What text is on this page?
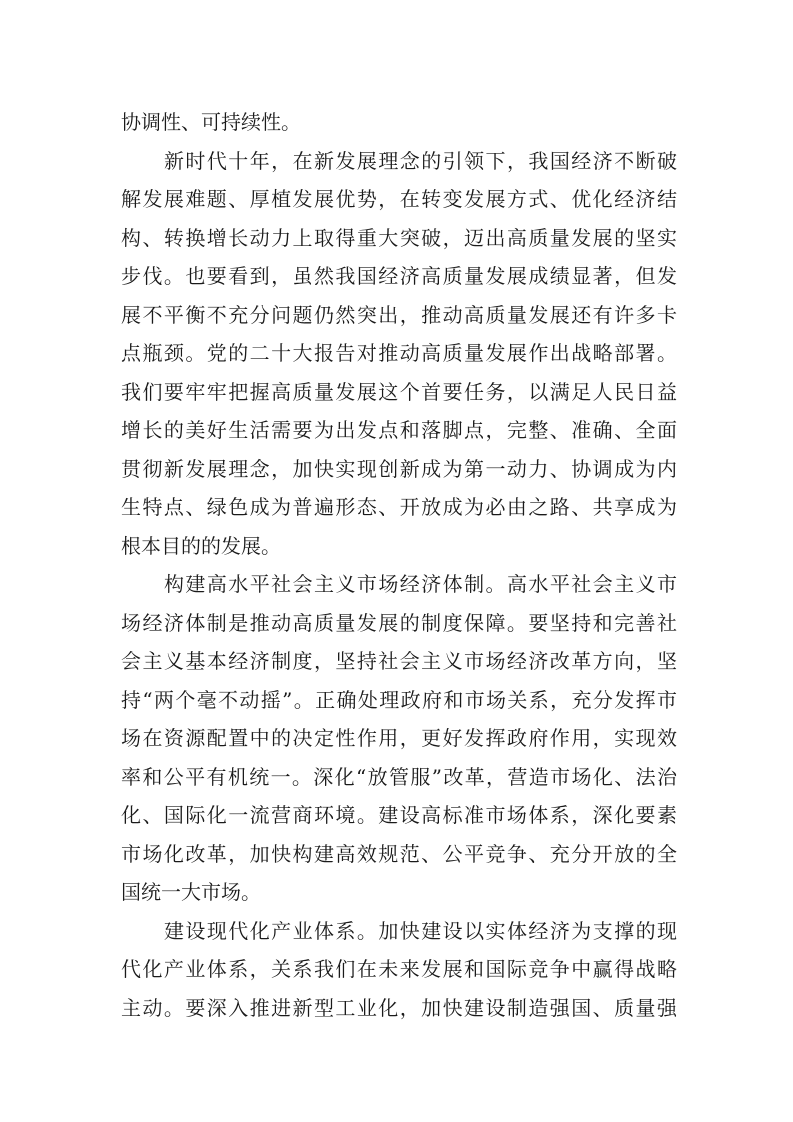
协调性、可持续性。
新时代十年，在新发展理念的引领下，我国经济不断破
解发展难题、厚植发展优势，在转变发展方式、优化经济结
构、转换增长动力上取得重大突破，迈出高质量发展的坚实
步伐。也要看到，虽然我国经济高质量发展成绩显著，但发
展不平衡不充分问题仍然突出，推动高质量发展还有许多卡
点瓶颈。党的二十大报告对推动高质量发展作出战略部署。
我们要牢牢把握高质量发展这个首要任务，以满足人民日益
增长的美好生活需要为出发点和落脚点，完整、准确、全面
贯彻新发展理念，加快实现创新成为第一动力、协调成为内
生特点、绿色成为普遍形态、开放成为必由之路、共享成为
根本目的的发展。
构建高水平社会主义市场经济体制。高水平社会主义市
场经济体制是推动高质量发展的制度保障。要坚持和完善社
会主义基本经济制度，坚持社会主义市场经济改革方向，坚
持“两个毫不动摇”。正确处理政府和市场关系，充分发挥市
场在资源配置中的决定性作用，更好发挥政府作用，实现效
率和公平有机统一。深化“放管服”改革，营造市场化、法治
化、国际化一流营商环境。建设高标准市场体系，深化要素
市场化改革，加快构建高效规范、公平竞争、充分开放的全
国统一大市场。
建设现代化产业体系。加快建设以实体经济为支撑的现
代化产业体系，关系我们在未来发展和国际竞争中赢得战略
主动。要深入推进新型工业化，加快建设制造强国、质量强
